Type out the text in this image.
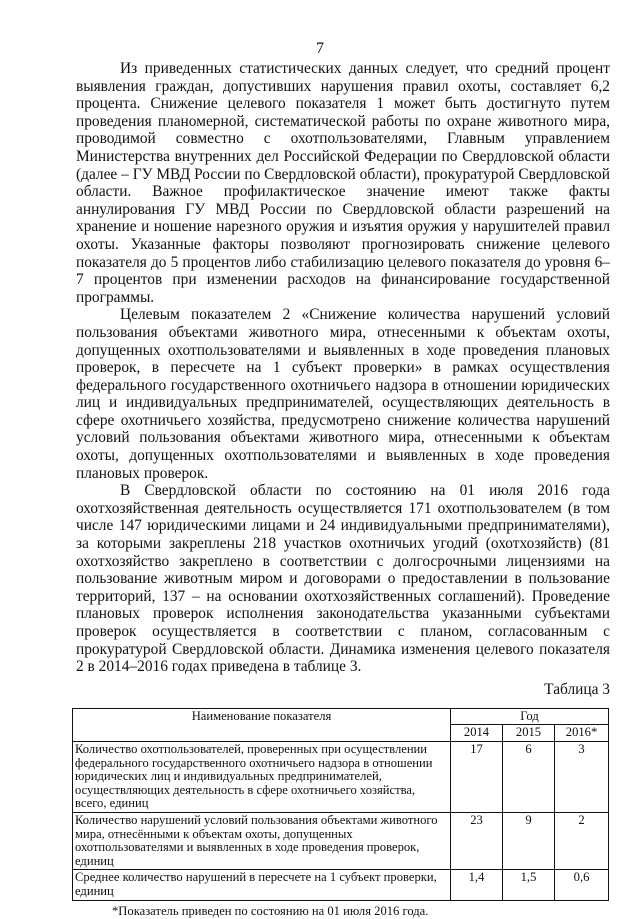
7

Из приведенных статистических данных следует, что средний процент выявления граждан, допустивших нарушения правил охоты, составляет 6,2 процента. Снижение целевого показателя 1 может быть достигнуто путем проведения планомерной, систематической работы по охране животного мира, проводимой совместно с охотпользователями, Главным управлением Министерства внутренних дел Российской Федерации по Свердловской области (далее – ГУ МВД России по Свердловской области), прокуратурой Свердловской области. Важное профилактическое значение имеют также факты аннулирования ГУ МВД России по Свердловской области разрешений на хранение и ношение нарезного оружия и изъятия оружия у нарушителей правил охоты. Указанные факторы позволяют прогнозировать снижение целевого показателя до 5 процентов либо стабилизацию целевого показателя до уровня 6–7 процентов при изменении расходов на финансирование государственной программы.

Целевым показателем 2 «Снижение количества нарушений условий пользования объектами животного мира, отнесенными к объектам охоты, допущенных охотпользователями и выявленных в ходе проведения плановых проверок, в пересчете на 1 субъект проверки» в рамках осуществления федерального государственного охотничьего надзора в отношении юридических лиц и индивидуальных предпринимателей, осуществляющих деятельность в сфере охотничьего хозяйства, предусмотрено снижение количества нарушений условий пользования объектами животного мира, отнесенными к объектам охоты, допущенных охотпользователями и выявленных в ходе проведения плановых проверок.

В Свердловской области по состоянию на 01 июля 2016 года охотхозяйственная деятельность осуществляется 171 охотпользователем (в том числе 147 юридическими лицами и 24 индивидуальными предпринимателями), за которыми закреплены 218 участков охотничьих угодий (охотхозяйств) (81 охотхозяйство закреплено в соответствии с долгосрочными лицензиями на пользование животным миром и договорами о предоставлении в пользование территорий, 137 – на основании охотхозяйственных соглашений). Проведение плановых проверок исполнения законодательства указанными субъектами проверок осуществляется в соответствии с планом, согласованным с прокуратурой Свердловской области. Динамика изменения целевого показателя 2 в 2014–2016 годах приведена в таблице 3.

Таблица 3
Наименование показателя	Год		
	2014	2015	2016*
Количество охотпользователей, проверенных при осуществлении федерального государственного охотничьего надзора в отношении юридических лиц и индивидуальных предпринимателей, осуществляющих деятельность в сфере охотничьего хозяйства, всего, единиц	17	6	3
Количество нарушений условий пользования объектами животного мира, отнесёнными к объектам охоты, допущенных охотпользователями и выявленных в ходе проведения проверок, единиц	23	9	2
Среднее количество нарушений в пересчете на 1 субъект проверки, единиц	1,4	1,5	0,6
*Показатель приведен по состоянию на 01 июля 2016 года.
